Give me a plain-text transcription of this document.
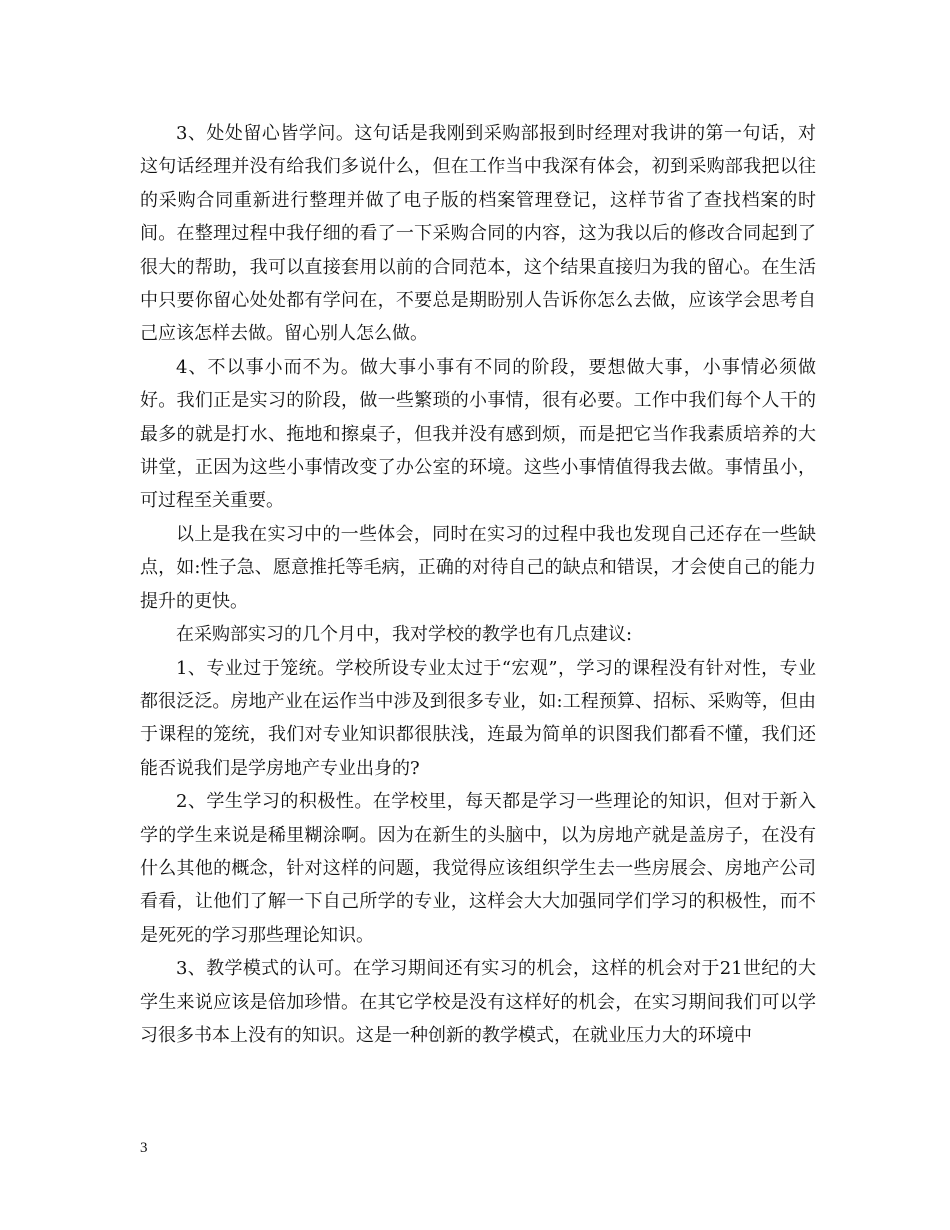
3、处处留心皆学问。这句话是我刚到采购部报到时经理对我讲的第一句话，对这句话经理并没有给我们多说什么，但在工作当中我深有体会，初到采购部我把以往的采购合同重新进行整理并做了电子版的档案管理登记，这样节省了查找档案的时间。在整理过程中我仔细的看了一下采购合同的内容，这为我以后的修改合同起到了很大的帮助，我可以直接套用以前的合同范本，这个结果直接归为我的留心。在生活中只要你留心处处都有学问在，不要总是期盼别人告诉你怎么去做，应该学会思考自己应该怎样去做。留心别人怎么做。

4、不以事小而不为。做大事小事有不同的阶段，要想做大事，小事情必须做好。我们正是实习的阶段，做一些繁琐的小事情，很有必要。工作中我们每个人干的最多的就是打水、拖地和擦桌子，但我并没有感到烦，而是把它当作我素质培养的大讲堂，正因为这些小事情改变了办公室的环境。这些小事情值得我去做。事情虽小，可过程至关重要。

以上是我在实习中的一些体会，同时在实习的过程中我也发现自己还存在一些缺点，如:性子急、愿意推托等毛病，正确的对待自己的缺点和错误，才会使自己的能力提升的更快。

在采购部实习的几个月中，我对学校的教学也有几点建议:

1、专业过于笼统。学校所设专业太过于“宏观”，学习的课程没有针对性，专业都很泛泛。房地产业在运作当中涉及到很多专业，如:工程预算、招标、采购等，但由于课程的笼统，我们对专业知识都很肤浅，连最为简单的识图我们都看不懂，我们还能否说我们是学房地产专业出身的?

2、学生学习的积极性。在学校里，每天都是学习一些理论的知识，但对于新入学的学生来说是稀里糊涂啊。因为在新生的头脑中，以为房地产就是盖房子，在没有什么其他的概念，针对这样的问题，我觉得应该组织学生去一些房展会、房地产公司看看，让他们了解一下自己所学的专业，这样会大大加强同学们学习的积极性，而不是死死的学习那些理论知识。

3、教学模式的认可。在学习期间还有实习的机会，这样的机会对于21世纪的大学生来说应该是倍加珍惜。在其它学校是没有这样好的机会，在实习期间我们可以学习很多书本上没有的知识。这是一种创新的教学模式，在就业压力大的环境中

3
